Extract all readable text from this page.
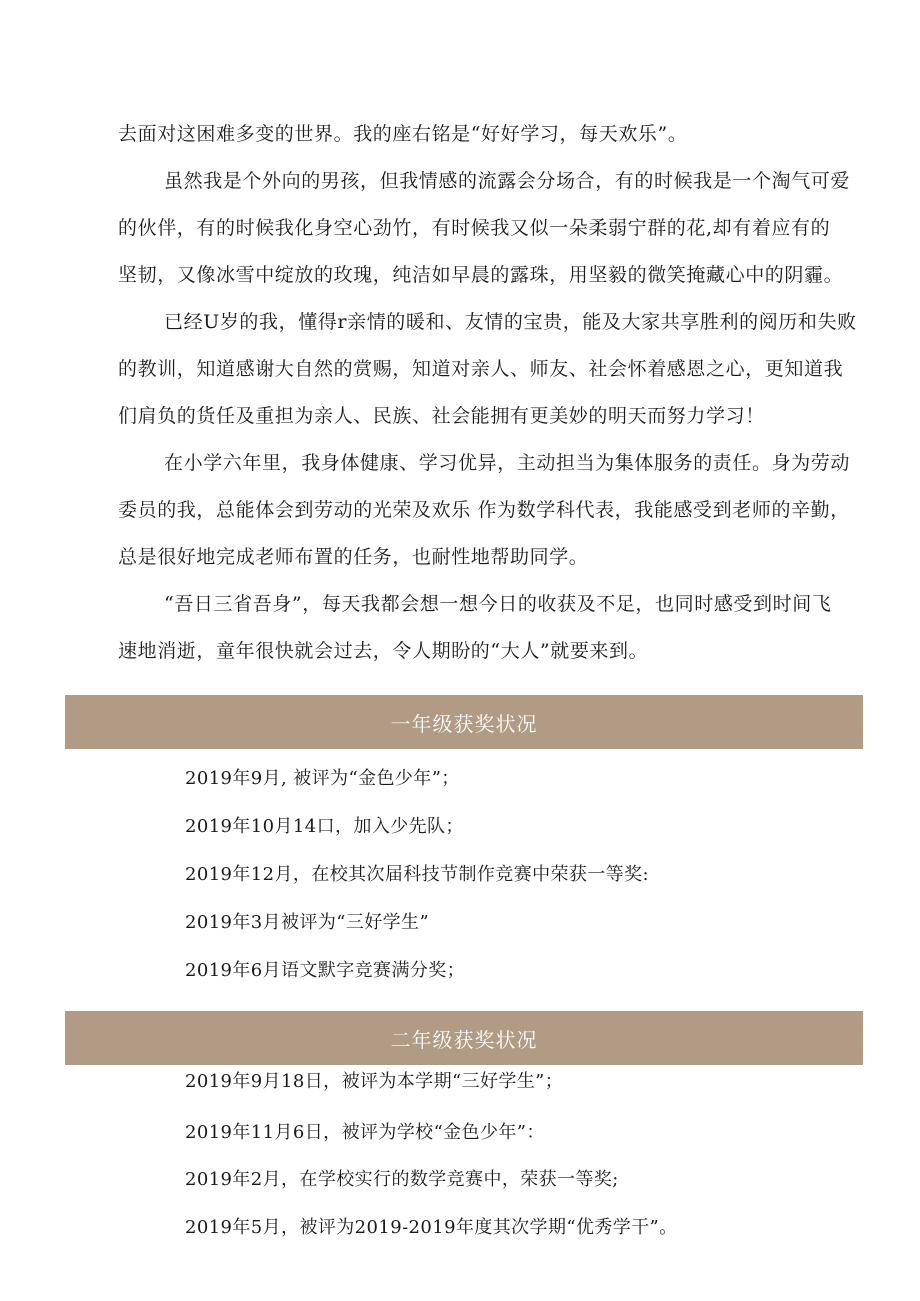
去面对这困难多变的世界。我的座右铭是“好好学习，每天欢乐”。
虽然我是个外向的男孩，但我情感的流露会分场合，有的时候我是一个淘气可爱
的伙伴，有的时候我化身空心劲竹，有时候我又似一朵柔弱宁群的花,却有着应有的
坚韧，又像冰雪中绽放的玫瑰，纯洁如早晨的露珠，用坚毅的微笑掩藏心中的阴霾。
已经U岁的我，懂得r亲情的暖和、友情的宝贵，能及大家共享胜利的阅历和失败
的教训，知道感谢大自然的赏赐，知道对亲人、师友、社会怀着感恩之心，更知道我
们肩负的货任及重担为亲人、民族、社会能拥有更美妙的明天而努力学习！
在小学六年里，我身体健康、学习优异，主动担当为集体服务的责任。身为劳动
委员的我，总能体会到劳动的光荣及欢乐 作为数学科代表，我能感受到老师的辛勤，
总是很好地完成老师布置的任务，也耐性地帮助同学。
“吾日三省吾身”，每天我都会想一想今日的收获及不足，也同时感受到时间飞
速地消逝，童年很快就会过去，令人期盼的“大人”就要来到。
一年级获奖状况
2019年9月, 被评为“金色少年”；
2019年10月14口，加入少先队；
2019年12月，在校其次届科技节制作竞赛中荣获一等奖:
2019年3月被评为“三好学生”
2019年6月语文默字竞赛满分奖；
二年级获奖状况
2019年9月18日，被评为本学期“三好学生”；
2019年11月6日，被评为学校“金色少年”：
2019年2月，在学校实行的数学竞赛中，荣获一等奖;
2019年5月，被评为2019-2019年度其次学期“优秀学干”。
